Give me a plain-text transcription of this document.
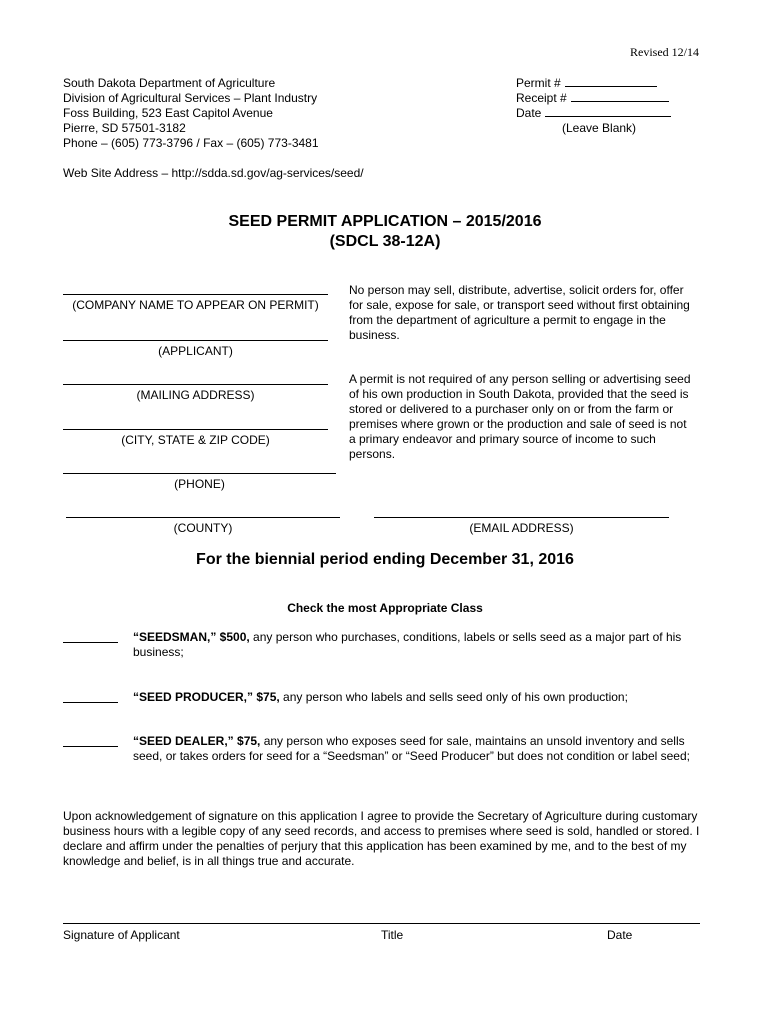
Revised 12/14
South Dakota Department of Agriculture
Division of Agricultural Services – Plant Industry
Foss Building, 523 East Capitol Avenue
Pierre, SD 57501-3182
Phone – (605) 773-3796 / Fax – (605) 773-3481
Permit #
Receipt #
Date
(Leave Blank)
Web Site Address – http://sdda.sd.gov/ag-services/seed/
SEED PERMIT APPLICATION – 2015/2016
(SDCL 38-12A)
(COMPANY NAME TO APPEAR ON PERMIT)
(APPLICANT)
(MAILING ADDRESS)
(CITY, STATE & ZIP CODE)
(PHONE)
(COUNTY)	(EMAIL ADDRESS)
No person may sell, distribute, advertise, solicit orders for, offer for sale, expose for sale, or transport seed without first obtaining from the department of agriculture a permit to engage in the business.
A permit is not required of any person selling or advertising seed of his own production in South Dakota, provided that the seed is stored or delivered to a purchaser only on or from the farm or premises where grown or the production and sale of seed is not a primary endeavor and primary source of income to such persons.
For the biennial period ending December 31, 2016
Check the most Appropriate Class
“SEEDSMAN,” $500, any person who purchases, conditions, labels or sells seed as a major part of his business;
“SEED PRODUCER,” $75, any person who labels and sells seed only of his own production;
“SEED DEALER,” $75, any person who exposes seed for sale, maintains an unsold inventory and sells seed, or takes orders for seed for a “Seedsman” or “Seed Producer” but does not condition or label seed;
Upon acknowledgement of signature on this application I agree to provide the Secretary of Agriculture during customary business hours with a legible copy of any seed records, and access to premises where seed is sold, handled or stored. I declare and affirm under the penalties of perjury that this application has been examined by me, and to the best of my knowledge and belief, is in all things true and accurate.
Signature of Applicant	Title	Date
